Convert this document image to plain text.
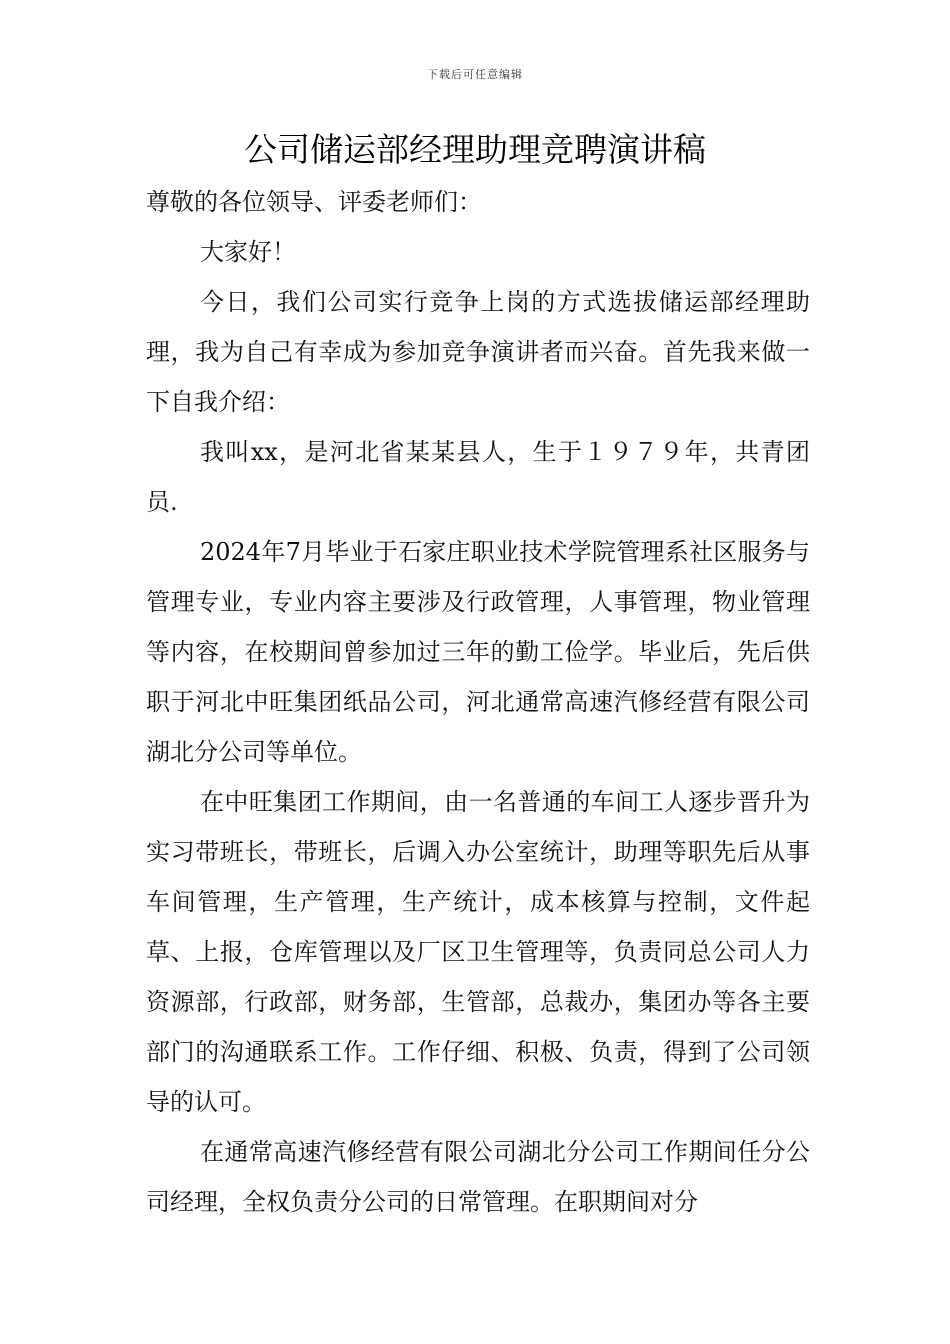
下载后可任意编辑
公司储运部经理助理竞聘演讲稿

尊敬的各位领导、评委老师们：

大家好！

今日，我们公司实行竞争上岗的方式选拔储运部经理助理，我为自己有幸成为参加竞争演讲者而兴奋。首先我来做一下自我介绍：

我叫xx，是河北省某某县人，生于１９７９年，共青团员.

2024年7月毕业于石家庄职业技术学院管理系社区服务与管理专业，专业内容主要涉及行政管理，人事管理，物业管理等内容，在校期间曾参加过三年的勤工俭学。毕业后，先后供职于河北中旺集团纸品公司，河北通常高速汽修经营有限公司湖北分公司等单位。

在中旺集团工作期间，由一名普通的车间工人逐步晋升为实习带班长，带班长，后调入办公室统计，助理等职先后从事车间管理，生产管理，生产统计，成本核算与控制，文件起草、上报，仓库管理以及厂区卫生管理等，负责同总公司人力资源部，行政部，财务部，生管部，总裁办，集团办等各主要部门的沟通联系工作。工作仔细、积极、负责，得到了公司领导的认可。

在通常高速汽修经营有限公司湖北分公司工作期间任分公司经理，全权负责分公司的日常管理。在职期间对分
